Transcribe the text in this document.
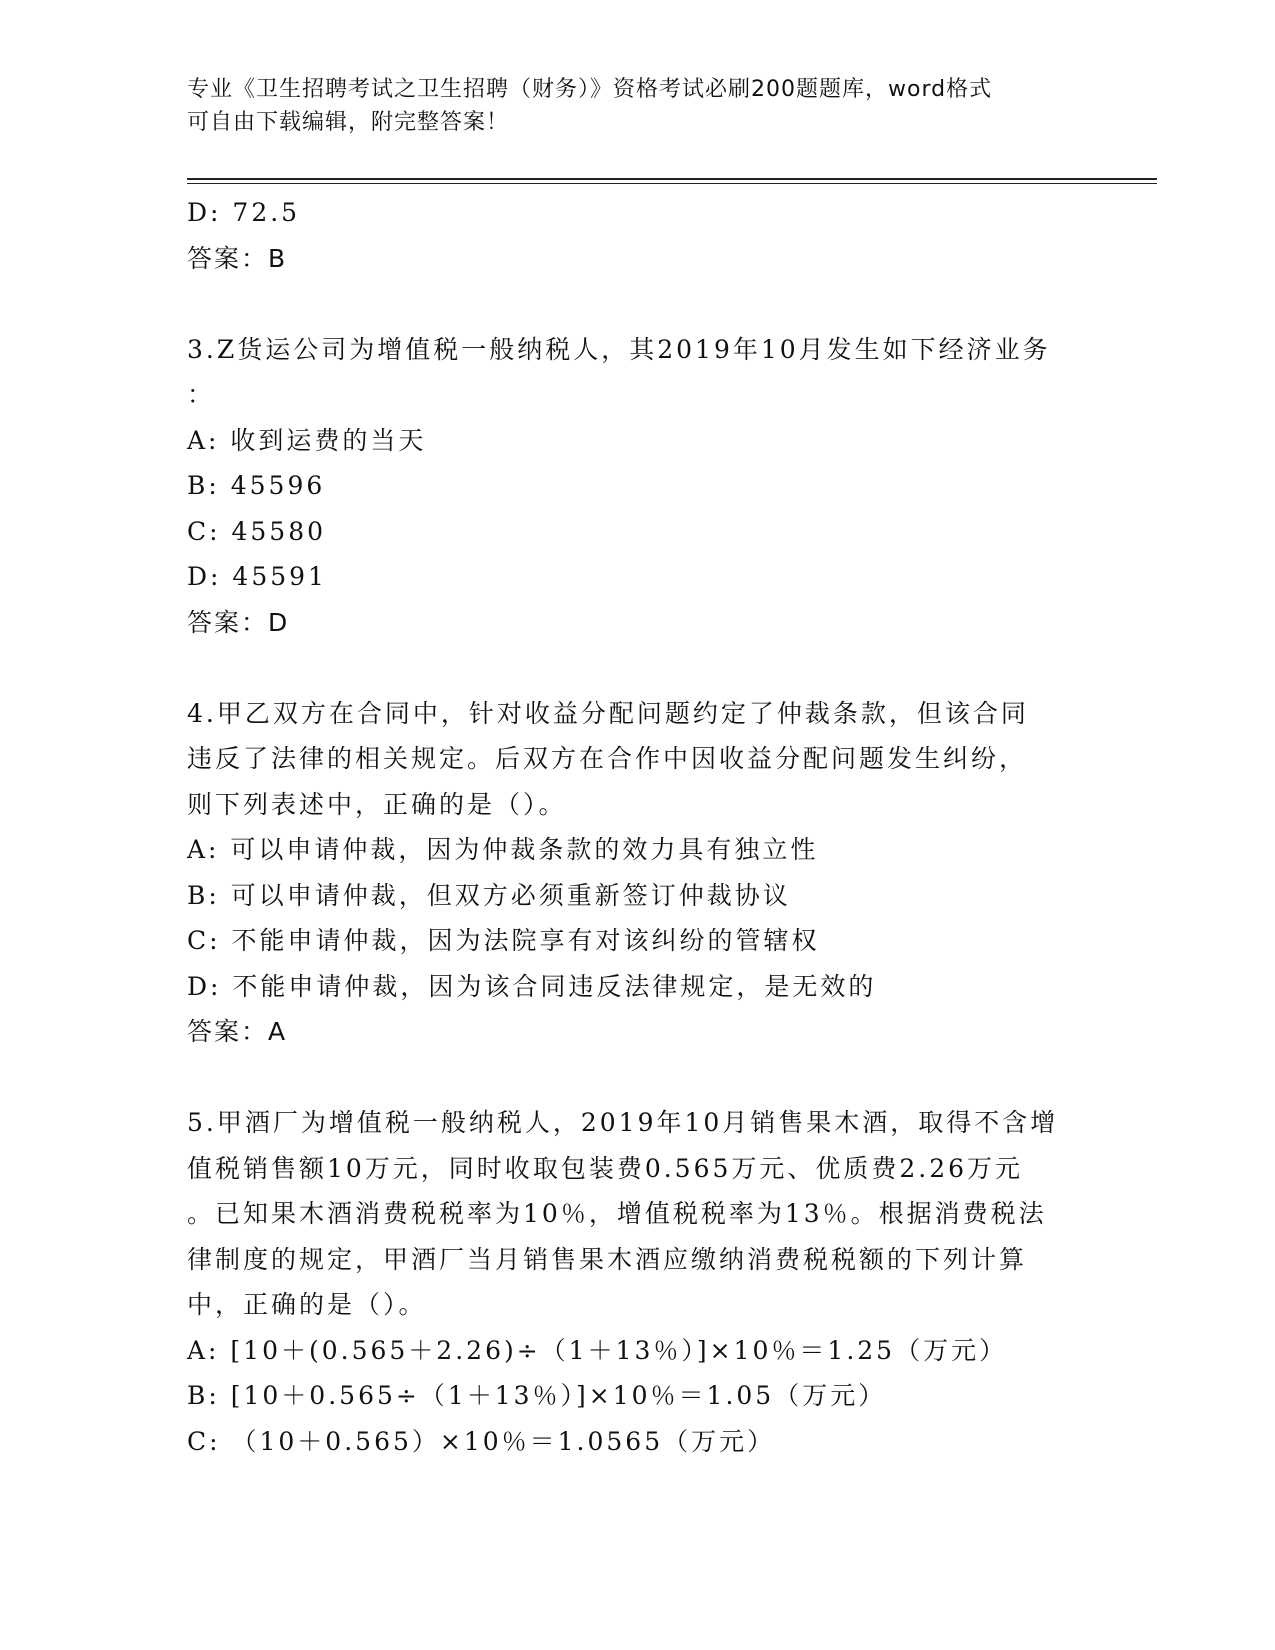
专业《卫生招聘考试之卫生招聘（财务）》资格考试必刷200题题库，word格式
可自由下载编辑，附完整答案！
D: 72.5
答案：B
3.Z货运公司为增值税一般纳税人，其2019年10月发生如下经济业务
：
A: 收到运费的当天
B: 45596
C: 45580
D: 45591
答案：D
4.甲乙双方在合同中，针对收益分配问题约定了仲裁条款，但该合同
违反了法律的相关规定。后双方在合作中因收益分配问题发生纠纷，
则下列表述中，正确的是（）。
A: 可以申请仲裁，因为仲裁条款的效力具有独立性
B: 可以申请仲裁，但双方必须重新签订仲裁协议
C: 不能申请仲裁，因为法院享有对该纠纷的管辖权
D: 不能申请仲裁，因为该合同违反法律规定，是无效的
答案：A
5.甲酒厂为增值税一般纳税人，2019年10月销售果木酒，取得不含增
值税销售额10万元，同时收取包装费0.565万元、优质费2.26万元
。已知果木酒消费税税率为10％，增值税税率为13％。根据消费税法
律制度的规定，甲酒厂当月销售果木酒应缴纳消费税税额的下列计算
中，正确的是（）。
A: [10＋(0.565＋2.26)÷（1＋13％）]×10％＝1.25（万元）
B: [10＋0.565÷（1＋13％）]×10％＝1.05（万元）
C: （10＋0.565）×10％＝1.0565（万元）
